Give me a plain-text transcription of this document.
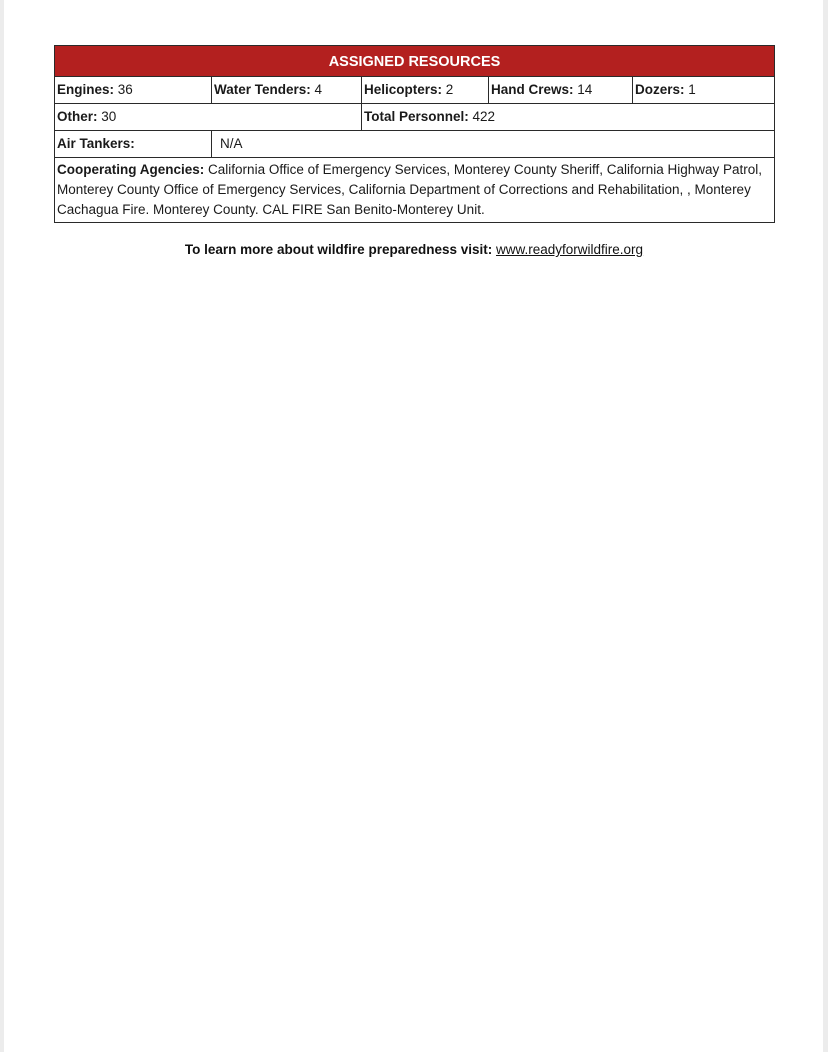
ASSIGNED RESOURCES
Engines: 36	Water Tenders: 4	Helicopters: 2	Hand Crews: 14	Dozers: 1
Other: 30	Total Personnel: 422
Air Tankers:	N/A
Cooperating Agencies: California Office of Emergency Services, Monterey County Sheriff, California Highway Patrol, Monterey County Office of Emergency Services, California Department of Corrections and Rehabilitation, , Monterey Cachagua Fire. Monterey County. CAL FIRE San Benito-Monterey Unit.
To learn more about wildfire preparedness visit: www.readyforwildfire.org
